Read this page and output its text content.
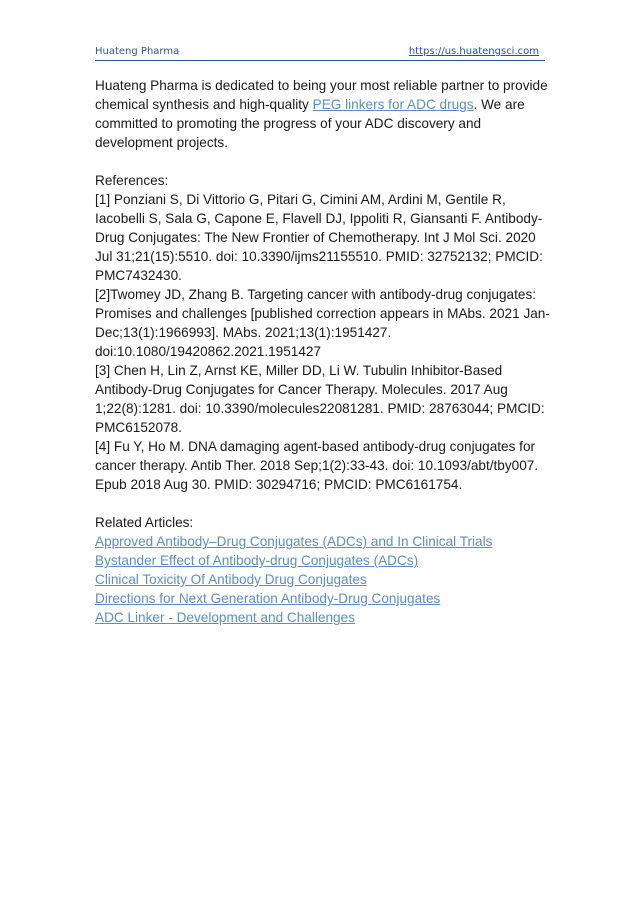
Huateng Pharma	https://us.huatengsci.com

Huateng Pharma is dedicated to being your most reliable partner to provide chemical synthesis and high-quality PEG linkers for ADC drugs. We are committed to promoting the progress of your ADC discovery and development projects.

References:

[1] Ponziani S, Di Vittorio G, Pitari G, Cimini AM, Ardini M, Gentile R, Iacobelli S, Sala G, Capone E, Flavell DJ, Ippoliti R, Giansanti F. Antibody-Drug Conjugates: The New Frontier of Chemotherapy. Int J Mol Sci. 2020 Jul 31;21(15):5510. doi: 10.3390/ijms21155510. PMID: 32752132; PMCID: PMC7432430.

[2]Twomey JD, Zhang B. Targeting cancer with antibody-drug conjugates: Promises and challenges [published correction appears in MAbs. 2021 Jan-Dec;13(1):1966993]. MAbs. 2021;13(1):1951427. doi:10.1080/19420862.2021.1951427

[3] Chen H, Lin Z, Arnst KE, Miller DD, Li W. Tubulin Inhibitor-Based Antibody-Drug Conjugates for Cancer Therapy. Molecules. 2017 Aug 1;22(8):1281. doi: 10.3390/molecules22081281. PMID: 28763044; PMCID: PMC6152078.

[4] Fu Y, Ho M. DNA damaging agent-based antibody-drug conjugates for cancer therapy. Antib Ther. 2018 Sep;1(2):33-43. doi: 10.1093/abt/tby007. Epub 2018 Aug 30. PMID: 30294716; PMCID: PMC6161754.

Related Articles:

Approved Antibody–Drug Conjugates (ADCs) and In Clinical Trials
Bystander Effect of Antibody-drug Conjugates (ADCs)
Clinical Toxicity Of Antibody Drug Conjugates
Directions for Next Generation Antibody-Drug Conjugates
ADC Linker - Development and Challenges
